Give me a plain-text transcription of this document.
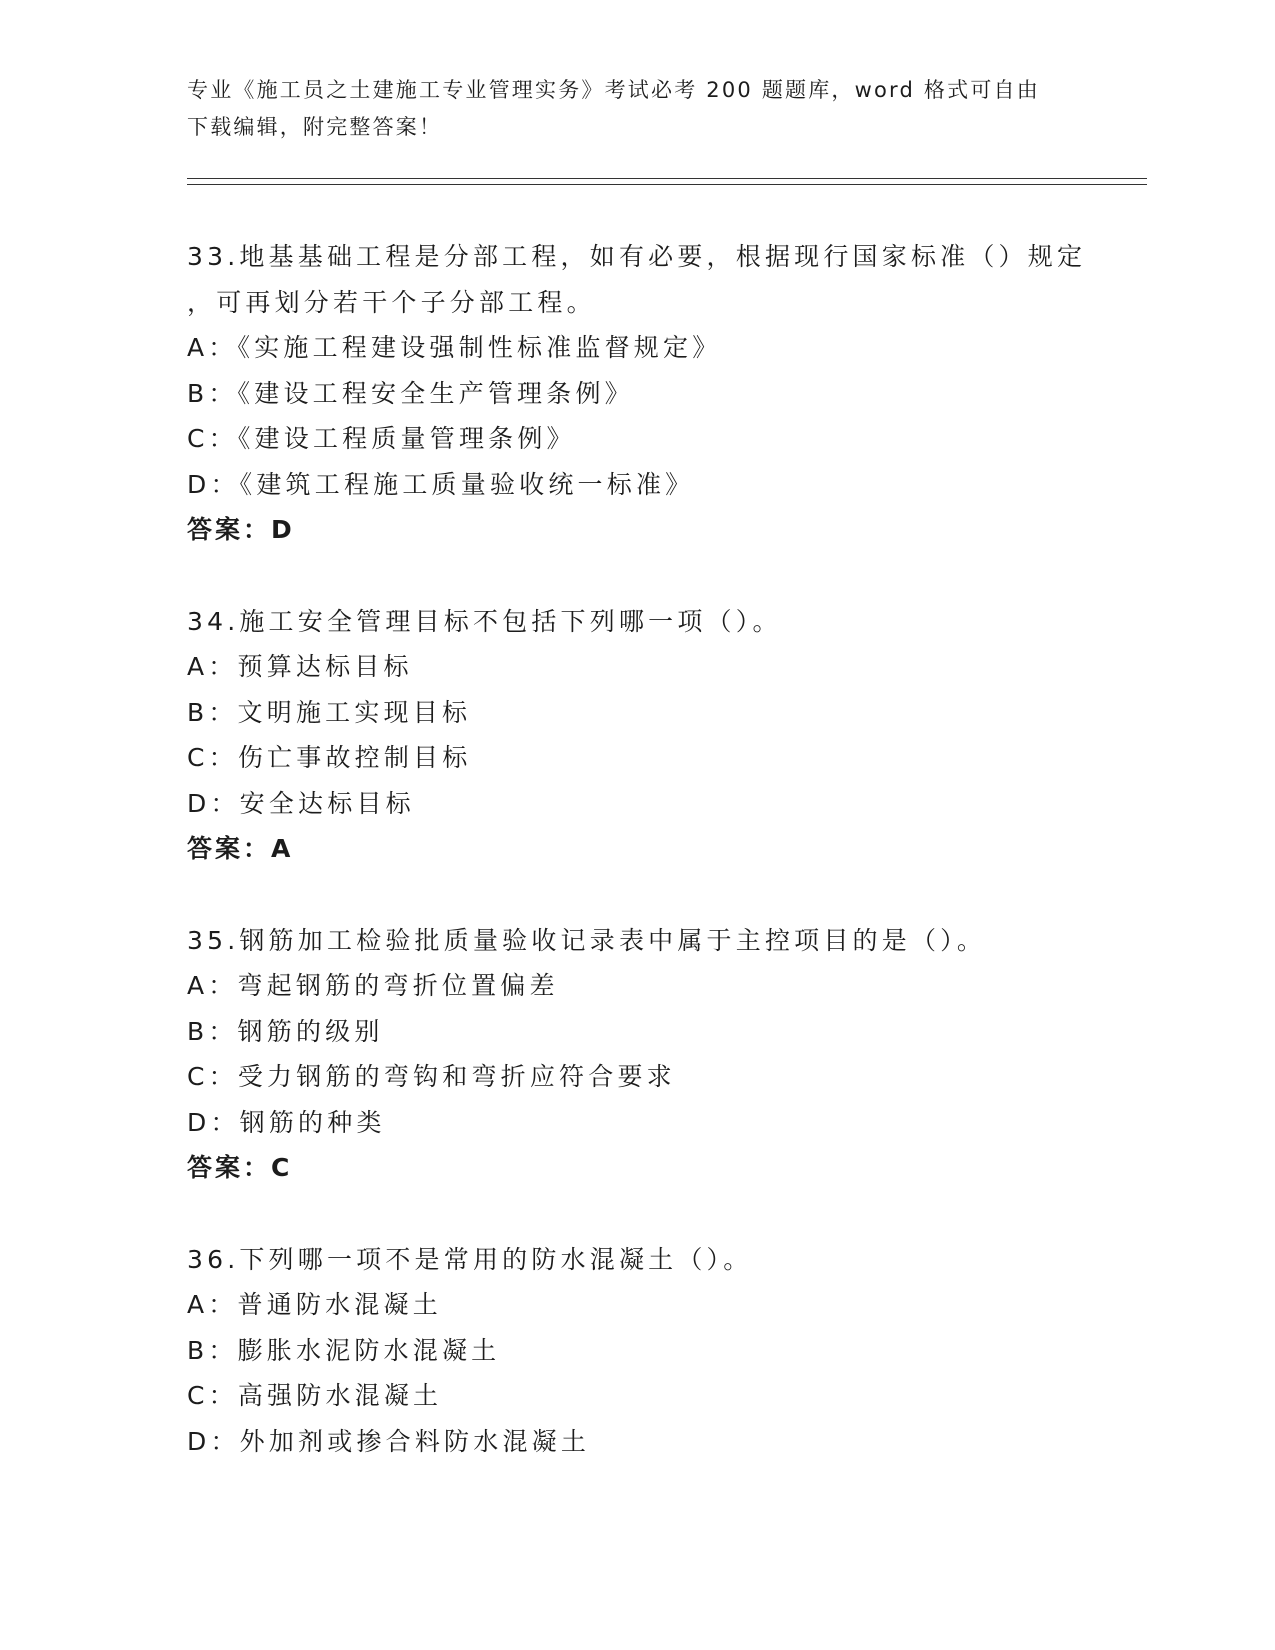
专业《施工员之土建施工专业管理实务》考试必考 200 题题库，word 格式可自由
下载编辑，附完整答案！
33.地基基础工程是分部工程，如有必要，根据现行国家标准（）规定
，可再划分若干个子分部工程。
A：《实施工程建设强制性标准监督规定》
B：《建设工程安全生产管理条例》
C：《建设工程质量管理条例》
D：《建筑工程施工质量验收统一标准》
答案：D
34.施工安全管理目标不包括下列哪一项（）。
A：预算达标目标
B：文明施工实现目标
C：伤亡事故控制目标
D：安全达标目标
答案：A
35.钢筋加工检验批质量验收记录表中属于主控项目的是（）。
A：弯起钢筋的弯折位置偏差
B：钢筋的级别
C：受力钢筋的弯钩和弯折应符合要求
D：钢筋的种类
答案：C
36.下列哪一项不是常用的防水混凝土（）。
A：普通防水混凝土
B：膨胀水泥防水混凝土
C：高强防水混凝土
D：外加剂或掺合料防水混凝土
